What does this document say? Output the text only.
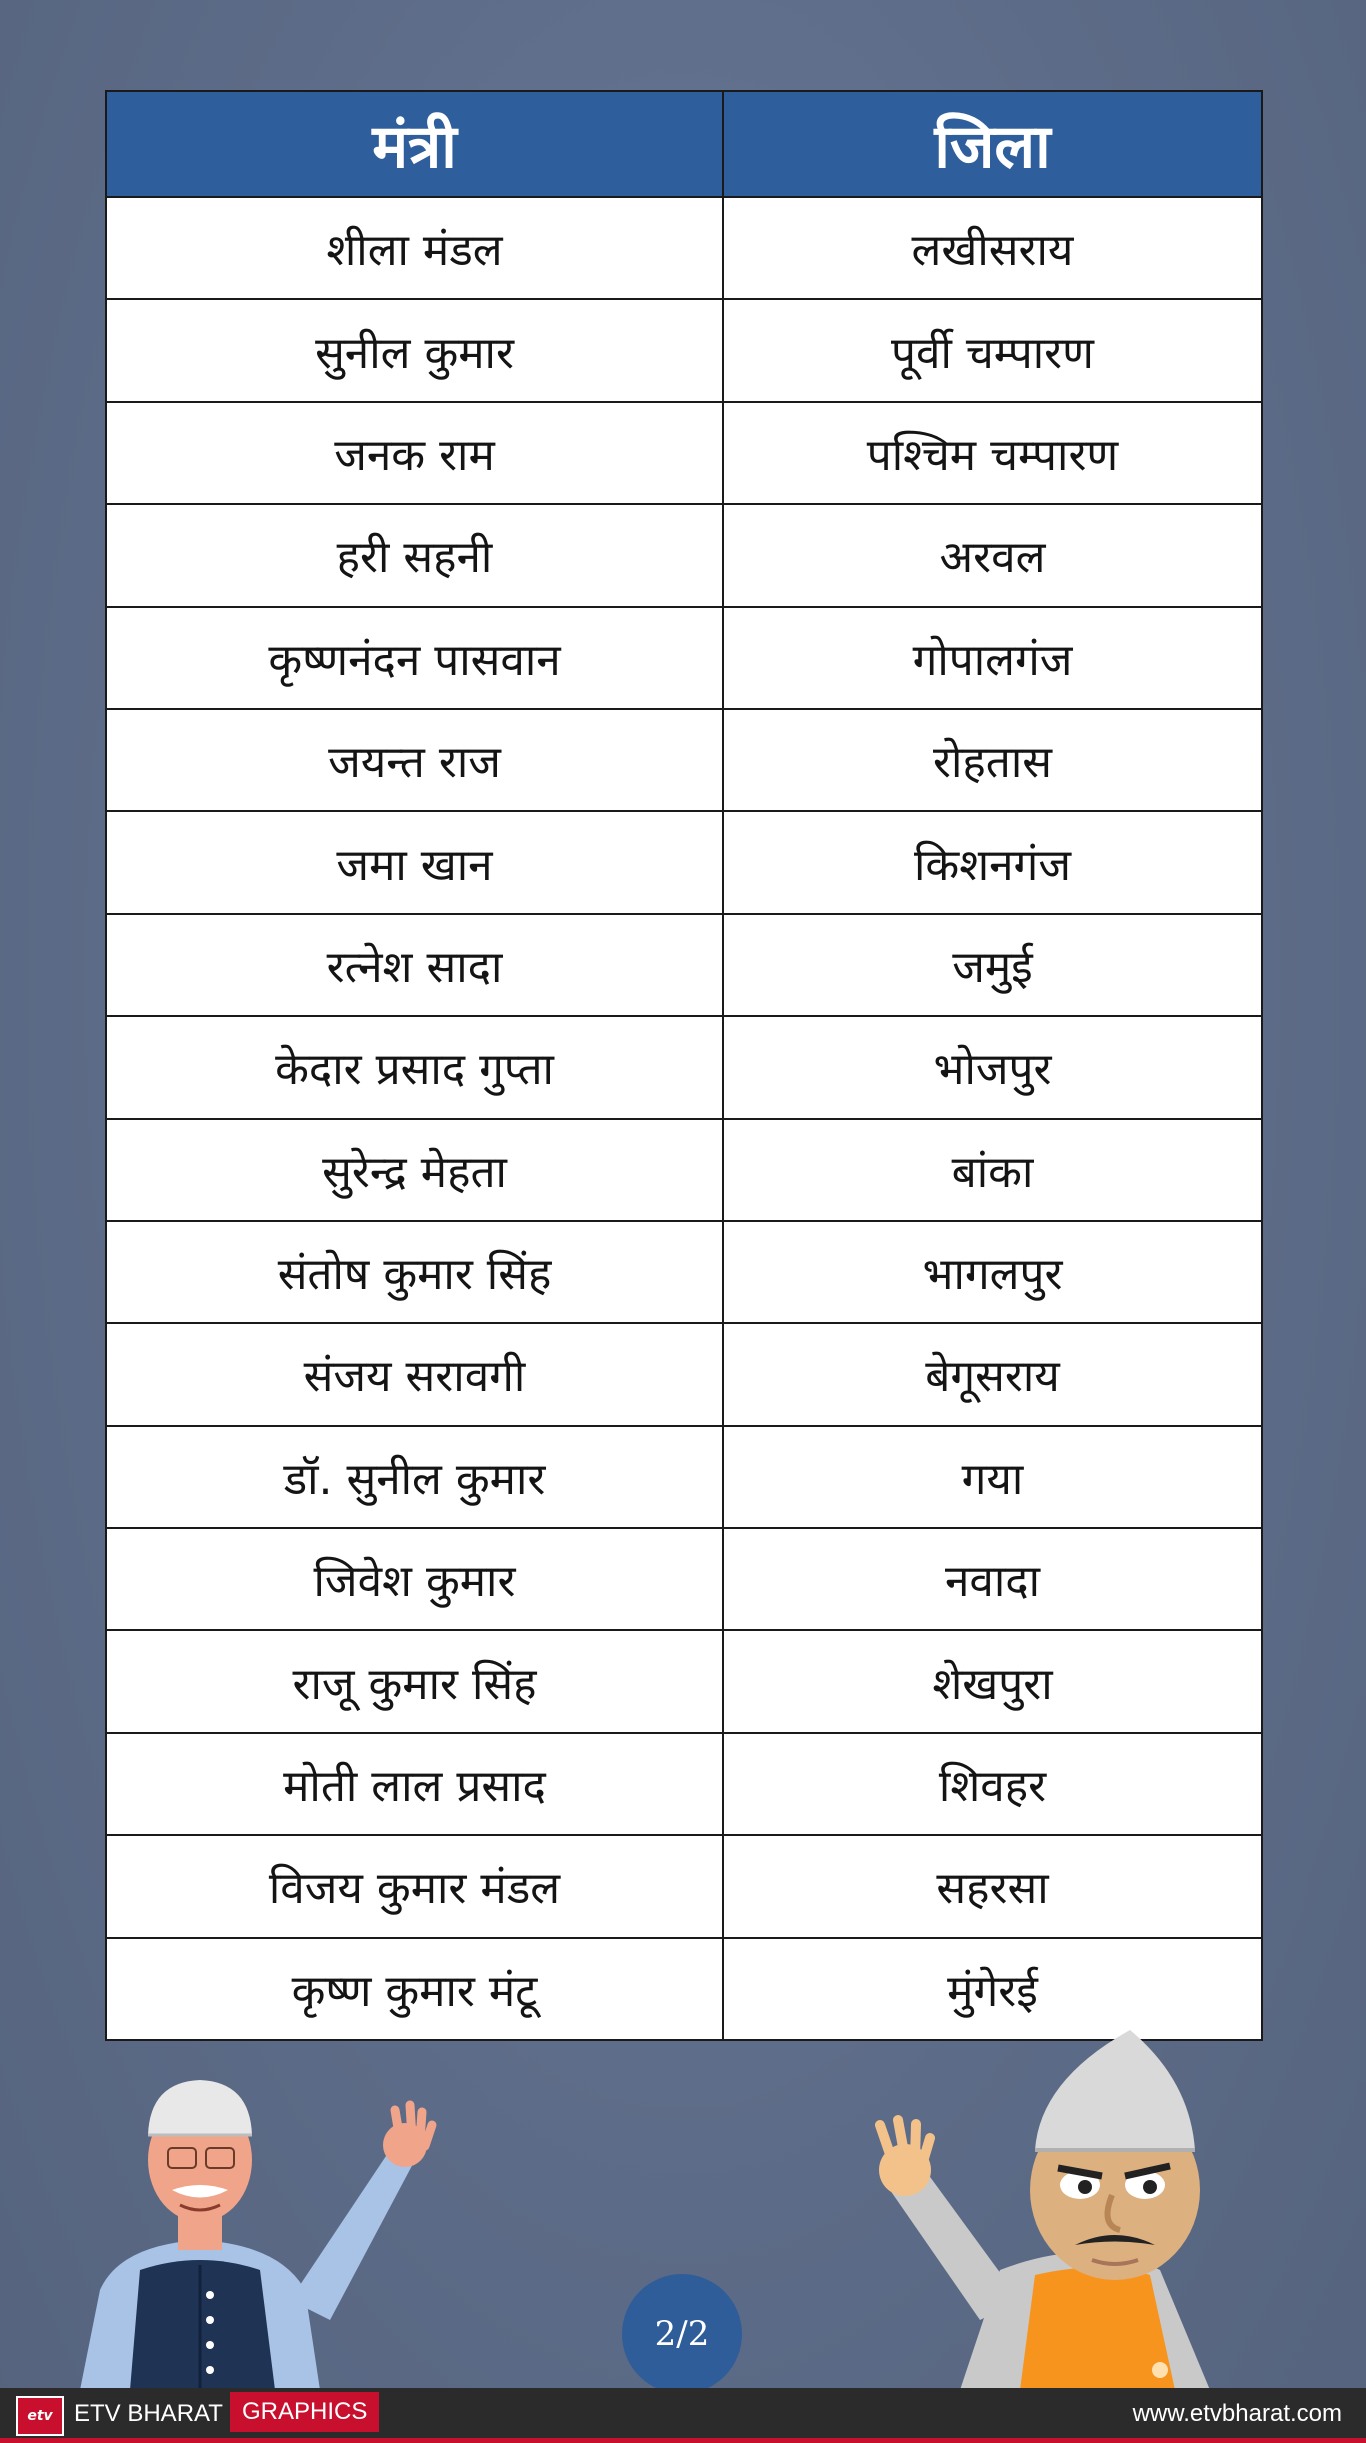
मंत्री	जिला
शीला मंडल	लखीसराय
सुनील कुमार	पूर्वी चम्पारण
जनक राम	पश्चिम चम्पारण
हरी सहनी	अरवल
कृष्णनंदन पासवान	गोपालगंज
जयन्त राज	रोहतास
जमा खान	किशनगंज
रत्नेश सादा	जमुई
केदार प्रसाद गुप्ता	भोजपुर
सुरेन्द्र मेहता	बांका
संतोष कुमार सिंह	भागलपुर
संजय सरावगी	बेगूसराय
डॉ. सुनील कुमार	गया
जिवेश कुमार	नवादा
राजू कुमार सिंह	शेखपुरा
मोती लाल प्रसाद	शिवहर
विजय कुमार मंडल	सहरसा
कृष्ण कुमार मंटू	मुंगेरई
2/2
etv ETV BHARAT GRAPHICS	www.etvbharat.com
